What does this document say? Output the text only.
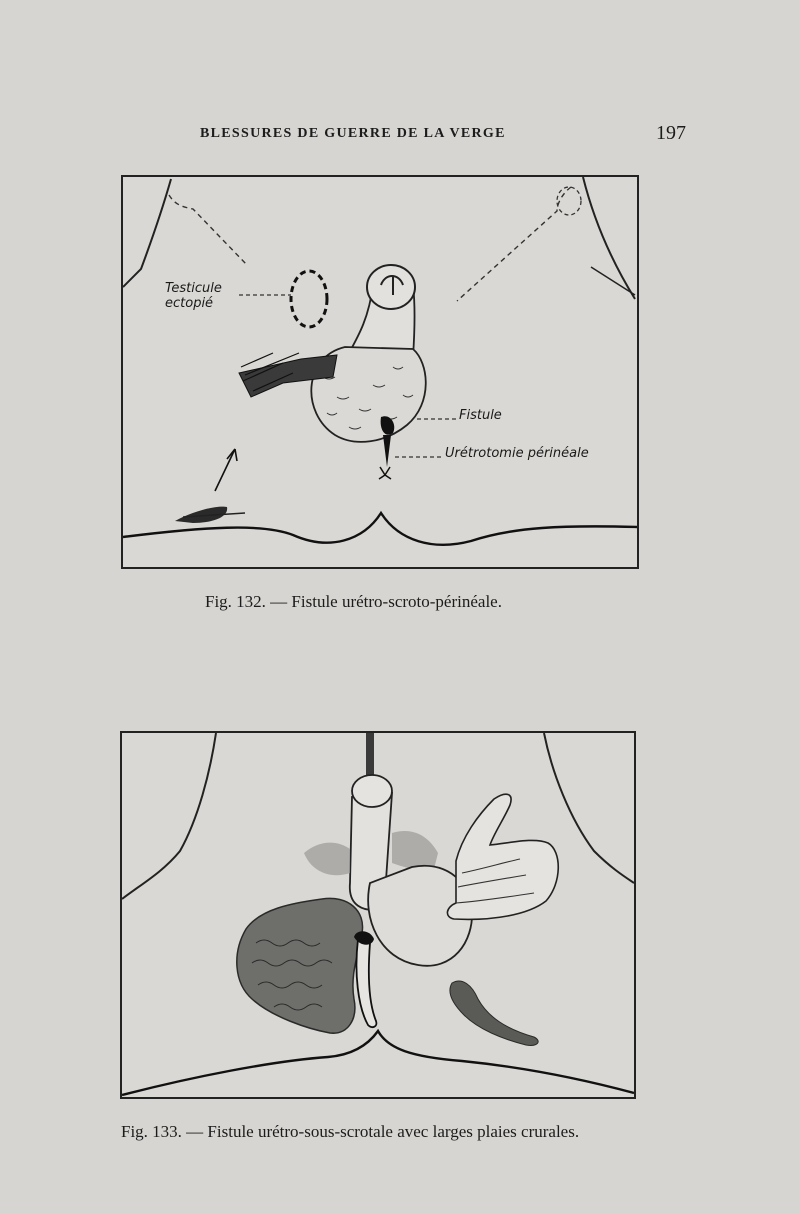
BLESSURES DE GUERRE DE LA VERGE	197
Testicule
ectopié
Fistule
Urétrotomie périnéale
Fig. 132. — Fistule urétro-scroto-périnéale.
Fig. 133. — Fistule urétro-sous-scrotale avec larges plaies crurales.
